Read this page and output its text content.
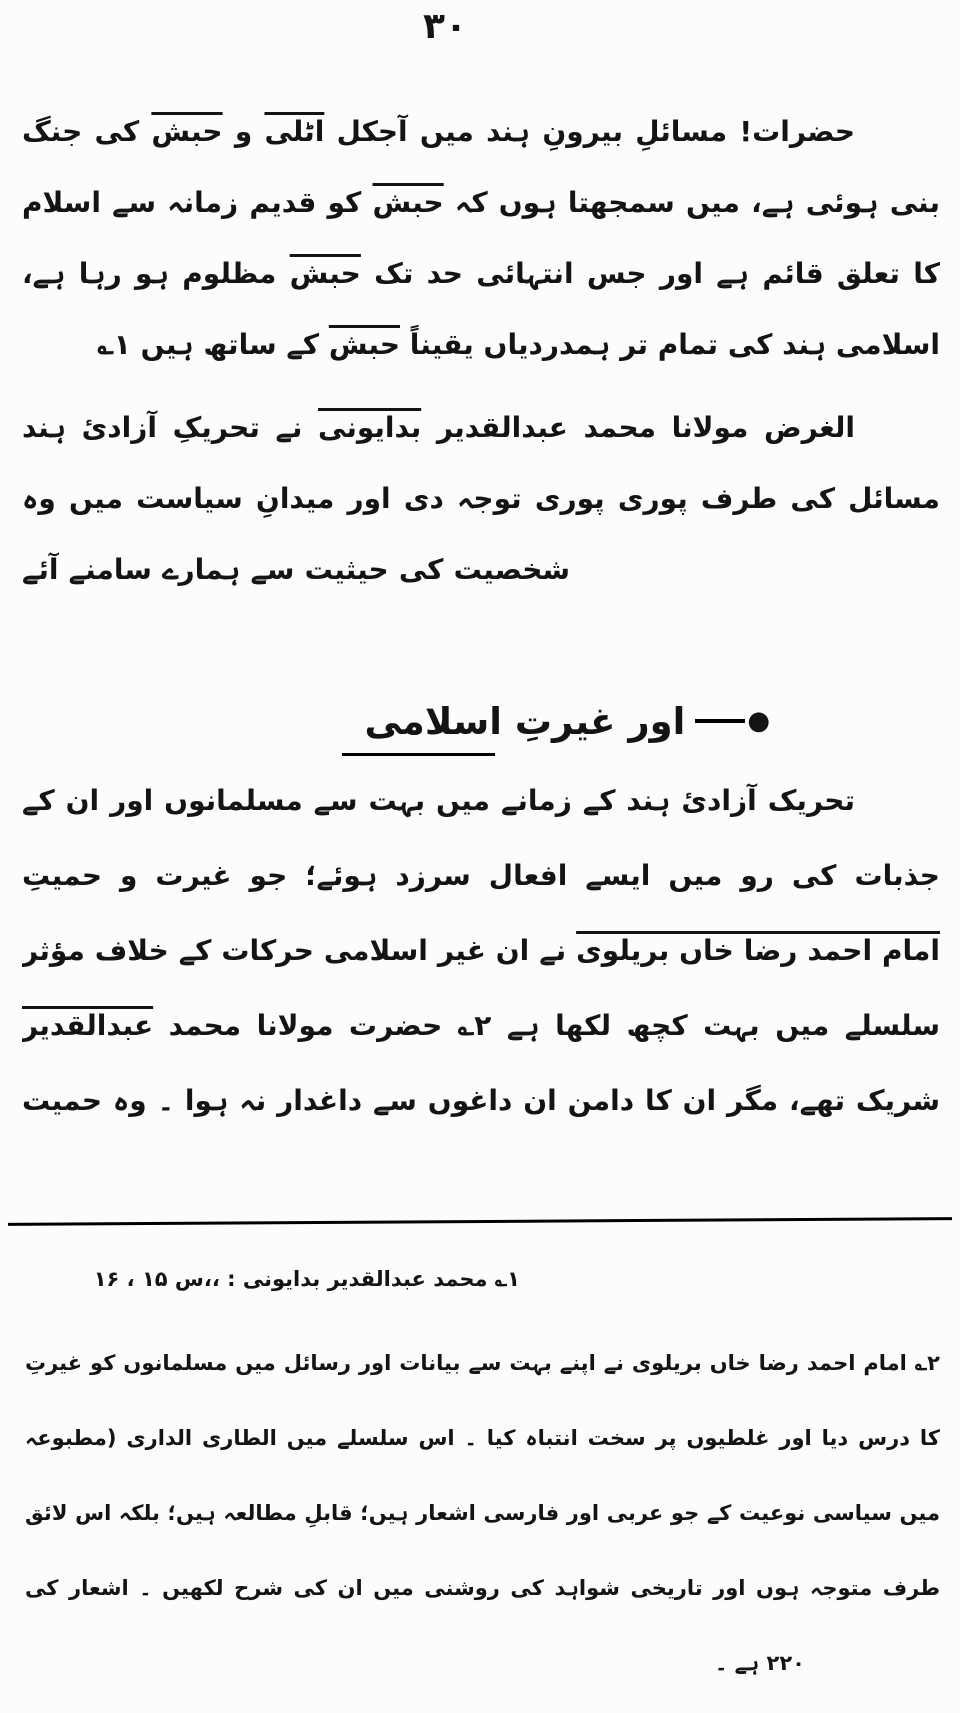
۳۰
حضرات! مسائلِ بیرونِ ہند میں آجکل اٹلی و حبش کی جنگ
بنی ہوئی ہے، میں سمجھتا ہوں کہ حبش کو قدیم زمانہ سے اسلام
کا تعلق قائم ہے اور جس انتہائی حد تک حبش مظلوم ہو رہا ہے،
اسلامی ہند کی تمام تر ہمدردیاں یقیناً حبش کے ساتھ ہیں ۱؎
الغرض مولانا محمد عبدالقدیر بدایونی نے تحریکِ آزادیٔ ہند
مسائل کی طرف پوری پوری توجہ دی اور میدانِ سیاست میں وہ
شخصیت کی حیثیت سے ہمارے سامنے آئے
●
اور غیرتِ اسلامی
تحریک آزادیٔ ہند کے زمانے میں بہت سے مسلمانوں اور ان کے
جذبات کی رو میں ایسے افعال سرزد ہوئے؛ جو غیرت و حمیتِ
امام احمد رضا خاں بریلوی نے ان غیر اسلامی حرکات کے خلاف مؤثر
سلسلے میں بہت کچھ لکھا ہے ۲؎ حضرت مولانا محمد عبدالقدیر
شریک تھے، مگر ان کا دامن ان داغوں سے داغدار نہ ہوا ۔ وہ حمیت
۱؎ محمد عبدالقدیر بدایونی : ،،س ۱۵ ، ۱۶
۲؎ امام احمد رضا خاں بریلوی نے اپنے بہت سے بیانات اور رسائل میں مسلمانوں کو غیرتِ
کا درس دیا اور غلطیوں پر سخت انتباہ کیا ۔ اس سلسلے میں الطاری الداری (مطبوعہ
میں سیاسی نوعیت کے جو عربی اور فارسی اشعار ہیں؛ قابلِ مطالعہ ہیں؛ بلکہ اس لائق
طرف متوجہ ہوں اور تاریخی شواہد کی روشنی میں ان کی شرح لکھیں ۔ اشعار کی
۲۲۰ ہے ۔
